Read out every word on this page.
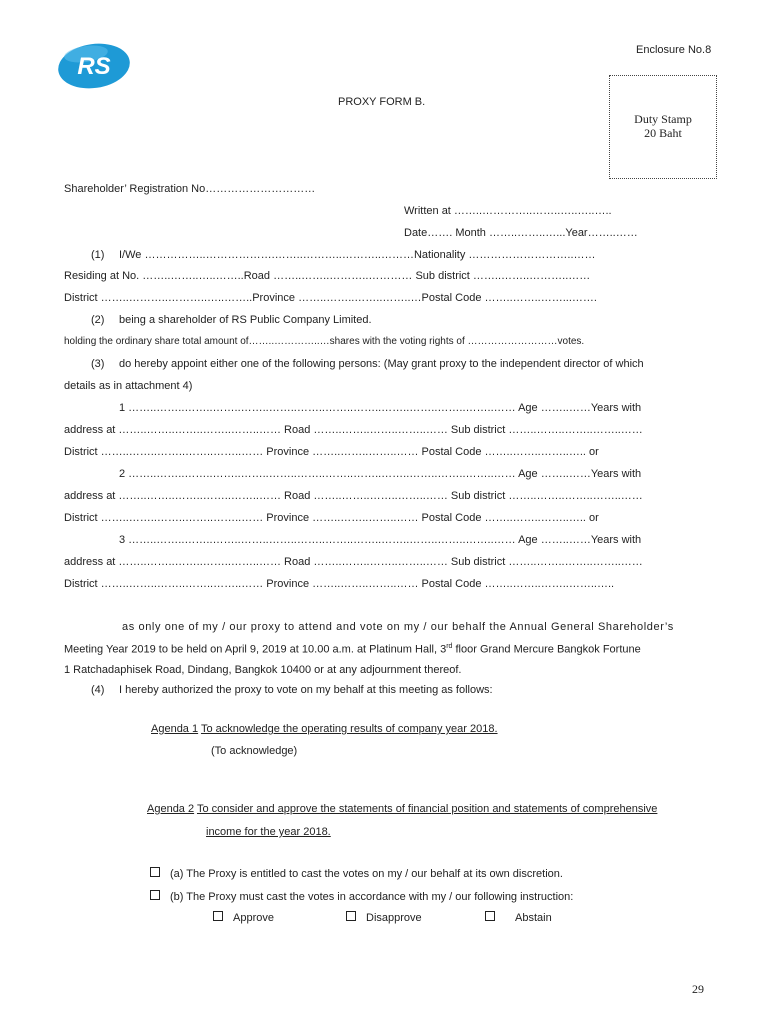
RS
Enclosure No.8
PROXY FORM B.
Duty Stamp
20 Baht
Shareholder’ Registration No…………………………
Written at ……..…………..……..…..…..…..
Date……. Month ……..……..…...Year……..……
(1) I/We ……………..……………….……..………..………..………Nationality ………………………..……
Residing at No. ……..……..…..……..Road ……..……..………..………… Sub district ……..……..………..……
District ……..………..………..…..……..Province ……..……..……..……..…Postal Code ……..……..……...…….
(2) being a shareholder of RS Public Company Limited.
holding the ordinary share total amount of……..…………..…shares with the voting rights of ………………………votes.
(3) do hereby appoint either one of the following persons: (May grant proxy to the independent director of which
details as in attachment 4)
1 ……..……..……..……..……..……..……..……..……..……..……..……..……..…… Age ……..……Years with
address at ……..……..……..……..……..…… Road ……..……..……..……..…… Sub district ……..……..……..……..……
District ……..……..……..……..……..…… Province ……..……..……..…… Postal Code ……..……..……..….. or
2 ……..……..……..……..……..……..……..……..……..……..……..……..……..…… Age ……..……Years with
address at ……..……..……..……..……..…… Road ……..……..……..……..…… Sub district ……..……..……..……..……
District ……..……..……..……..……..…… Province ……..……..……..…… Postal Code ……..……..……..….. or
3 ……..……..……..……..……..……..……..……..……..……..……..……..……..…… Age ……..……Years with
address at ……..……..……..……..……..…… Road ……..……..……..……..…… Sub district ……..……..……..……..……
District ……..……..……..……..……..…… Province ……..……..……..…… Postal Code ……..……..……..……..…..
as only one of my / our proxy to attend and vote on my / our behalf the Annual General Shareholder’s
Meeting Year 2019 to be held on April 9, 2019 at 10.00 a.m. at Platinum Hall, 3rd floor Grand Mercure Bangkok Fortune
1 Ratchadaphisek Road, Dindang, Bangkok 10400 or at any adjournment thereof.
(4) I hereby authorized the proxy to vote on my behalf at this meeting as follows:
Agenda 1 To acknowledge the operating results of company year 2018.
(To acknowledge)
Agenda 2 To consider and approve the statements of financial position and statements of comprehensive
income for the year 2018.
(a) The Proxy is entitled to cast the votes on my / our behalf at its own discretion.
(b) The Proxy must cast the votes in accordance with my / our following instruction:
Approve	Disapprove	Abstain
29
